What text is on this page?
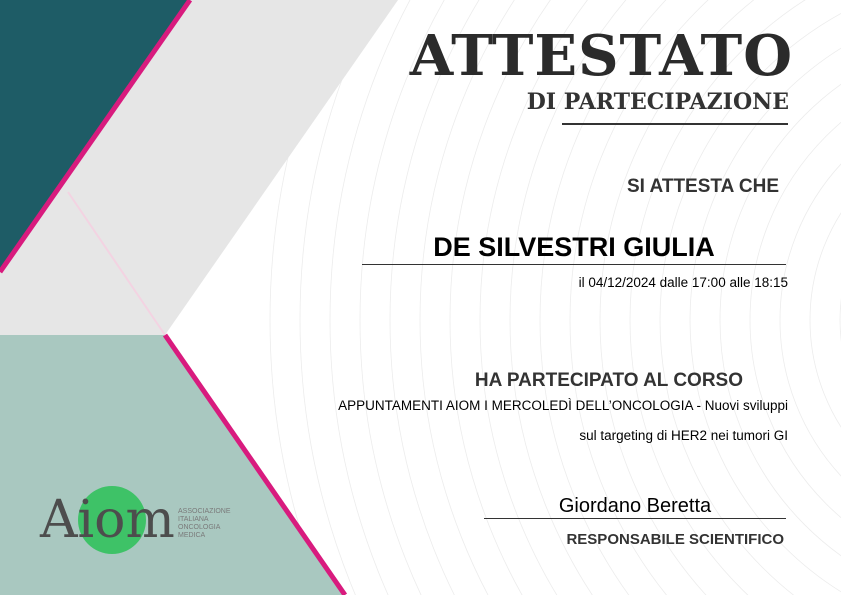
ATTESTATO
DI PARTECIPAZIONE
SI ATTESTA CHE
DE SILVESTRI GIULIA
il 04/12/2024 dalle 17:00 alle 18:15
HA PARTECIPATO AL CORSO
APPUNTAMENTI AIOM I MERCOLEDÌ DELL’ONCOLOGIA - Nuovi sviluppi
sul targeting di HER2 nei tumori GI
Giordano Beretta
RESPONSABILE SCIENTIFICO
Aiom ASSOCIAZIONE
ITALIANA
ONCOLOGIA
MEDICA
